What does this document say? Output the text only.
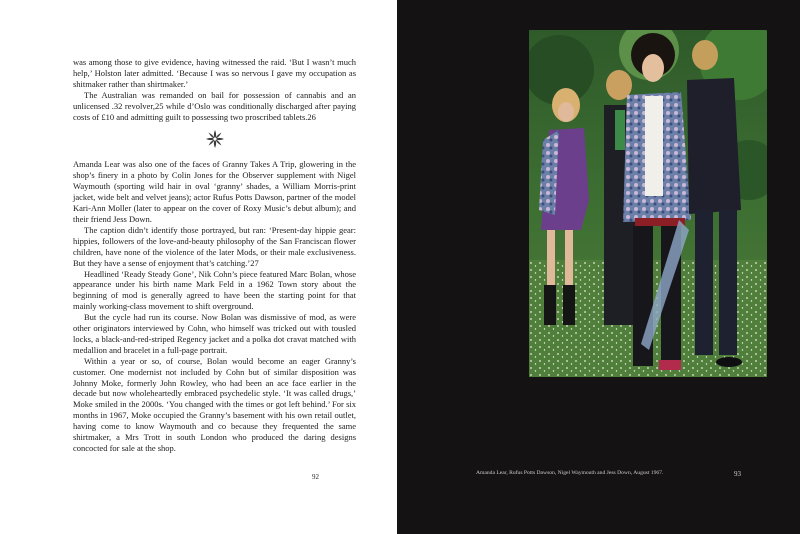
was among those to give evidence, having witnessed the raid. ‘But I wasn’t much help,’ Holston later admitted. ‘Because I was so nervous I gave my occupation as shitmaker rather than shirtmaker.’

The Australian was remanded on bail for possession of cannabis and an unlicensed .32 revolver,25 while d’Oslo was conditionally discharged after paying costs of £10 and admitting guilt to possessing two proscribed tablets.26

Amanda Lear was also one of the faces of Granny Takes A Trip, glowering in the shop’s finery in a photo by Colin Jones for the Observer supplement with Nigel Waymouth (sporting wild hair in oval ‘granny’ shades, a William Morris-print jacket, wide belt and velvet jeans); actor Rufus Potts Dawson, partner of the model Kari-Ann Moller (later to appear on the cover of Roxy Music’s debut album); and their friend Jess Down.

The caption didn’t identify those portrayed, but ran: ‘Present-day hippie gear: hippies, followers of the love-and-beauty philosophy of the San Franciscan flower children, have none of the violence of the later Mods, or their male exclusiveness. But they have a sense of enjoyment that’s catching.’27

Headlined ‘Ready Steady Gone’, Nik Cohn’s piece featured Marc Bolan, whose appearance under his birth name Mark Feld in a 1962 Town story about the beginning of mod is generally agreed to have been the starting point for that mainly working-class movement to shift overground.

But the cycle had run its course. Now Bolan was dismissive of mod, as were other originators interviewed by Cohn, who himself was tricked out with tousled locks, a black-and-red-striped Regency jacket and a polka dot cravat matched with medallion and bracelet in a full-page portrait.

Within a year or so, of course, Bolan would become an eager Granny’s customer. One modernist not included by Cohn but of similar disposition was Johnny Moke, formerly John Rowley, who had been an ace face earlier in the decade but now wholeheartedly embraced psychedelic style. ‘It was called drugs,’ Moke smiled in the 2000s. ‘You changed with the times or got left behind.’ For six months in 1967, Moke occupied the Granny’s basement with his own retail outlet, having come to know Waymouth and co because they frequented the same shirtmaker, a Mrs Trott in south London who produced the daring designs concocted for sale at the shop.

92	Amanda Lear, Rufus Potts Dawson, Nigel Waymouth and Jess Down, August 1967.	93
